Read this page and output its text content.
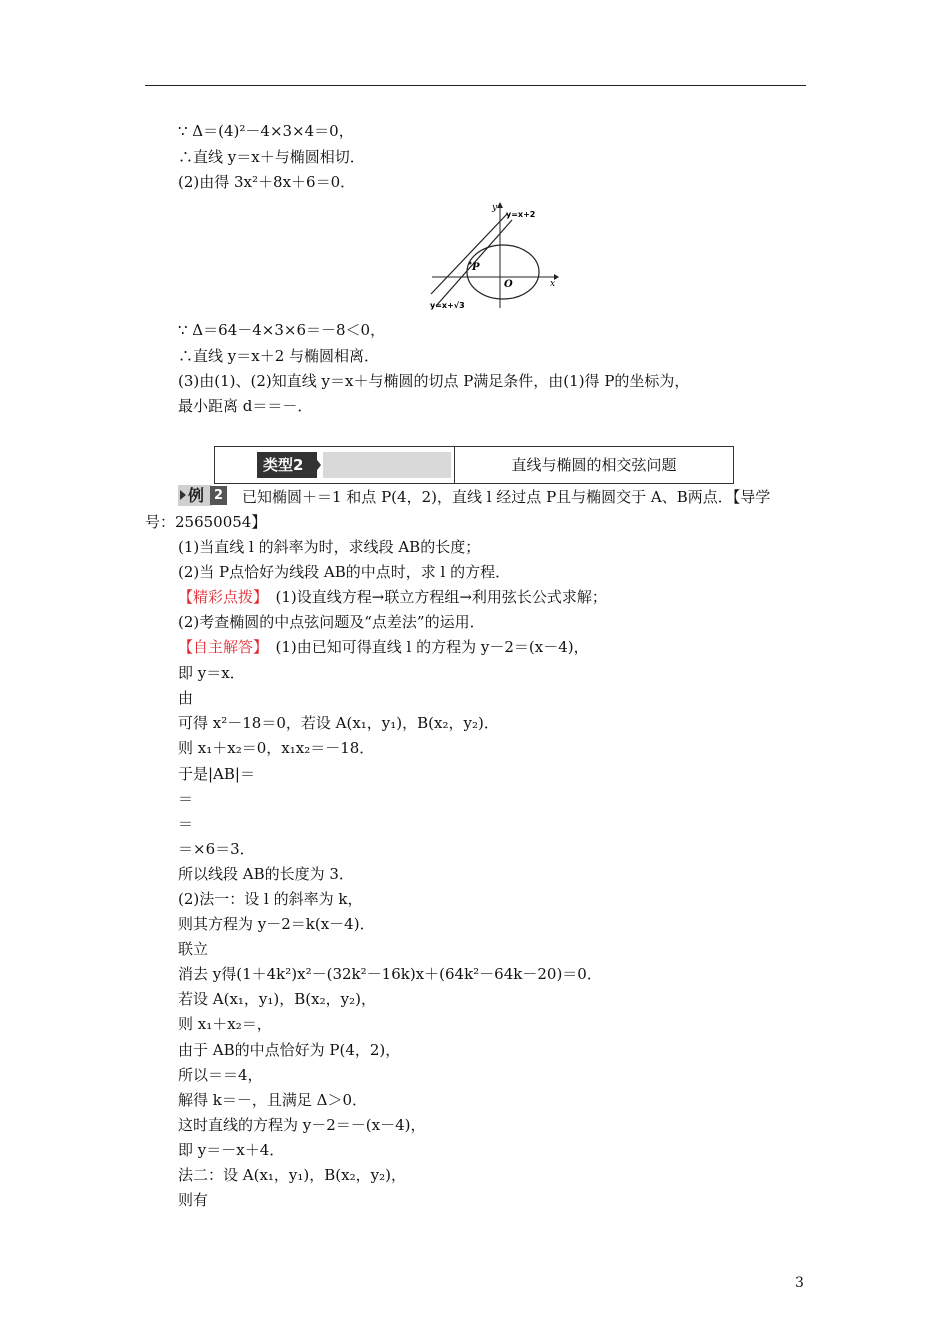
∵ Δ＝(4)²－4×3×4＝0，
∴直线 y＝x＋与椭圆相切．
(2)由得 3x²＋8x＋6＝0．
P
O	x
y
y=x+2
y=x+√3
∵ Δ＝64－4×3×6＝－8＜0，
∴直线 y＝x＋2 与椭圆相离．
(3)由(1)、(2)知直线 y＝x＋与椭圆的切点 P满足条件，由(1)得 P的坐标为，
最小距离 d＝＝－．
类型2	直线与椭圆的相交弦问题
例 2 已知椭圆＋＝1 和点 P(4，2)，直线 l 经过点 P且与椭圆交于 A、B两点．【导学
号：25650054】
(1)当直线 l 的斜率为时，求线段 AB的长度；
(2)当 P点恰好为线段 AB的中点时，求 l 的方程．
【精彩点拨】　(1)设直线方程→联立方程组→利用弦长公式求解；
(2)考查椭圆的中点弦问题及“点差法”的运用．
【自主解答】　(1)由已知可得直线 l 的方程为 y－2＝(x－4)，
即 y＝x．
由
可得 x²－18＝0，若设 A(x₁，y₁)，B(x₂，y₂)．
则 x₁＋x₂＝0，x₁x₂＝－18．
于是|AB|＝
＝
＝
＝×6＝3．
所以线段 AB的长度为 3．
(2)法一：设 l 的斜率为 k，
则其方程为 y－2＝k(x－4)．
联立
消去 y得(1＋4k²)x²－(32k²－16k)x＋(64k²－64k－20)＝0．
若设 A(x₁，y₁)，B(x₂，y₂)，
则 x₁＋x₂＝，
由于 AB的中点恰好为 P(4，2)，
所以＝＝4，
解得 k＝－，且满足 Δ＞0．
这时直线的方程为 y－2＝－(x－4)，
即 y＝－x＋4．
法二：设 A(x₁，y₁)，B(x₂，y₂)，
则有
3
